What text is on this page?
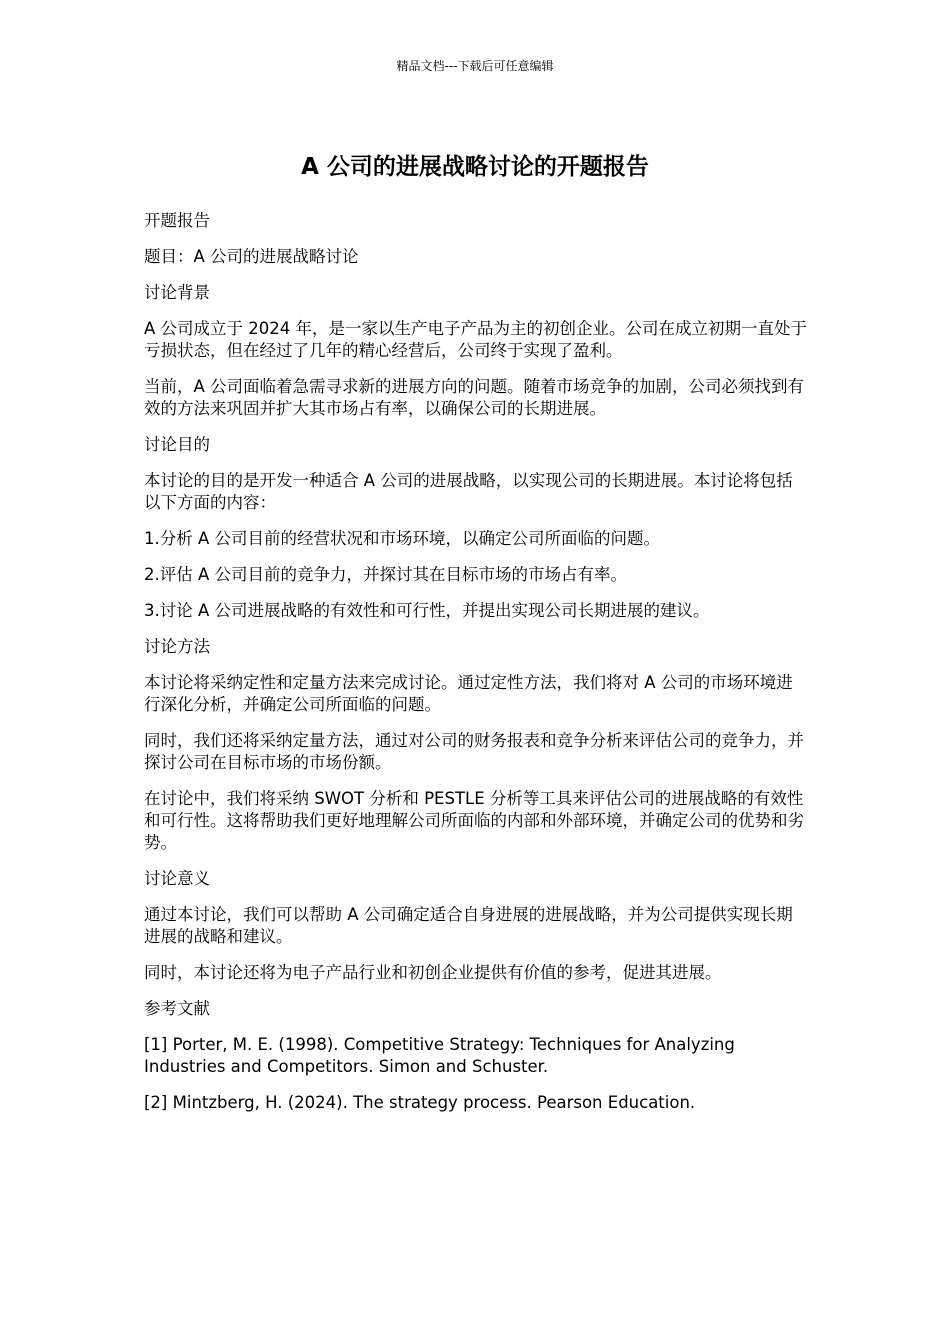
精品文档---下载后可任意编辑
A 公司的进展战略讨论的开题报告

开题报告

题目：A 公司的进展战略讨论

讨论背景

A 公司成立于 2024 年，是一家以生产电子产品为主的初创企业。公司在成立初期一直处于亏损状态，但在经过了几年的精心经营后，公司终于实现了盈利。

当前，A 公司面临着急需寻求新的进展方向的问题。随着市场竞争的加剧，公司必须找到有效的方法来巩固并扩大其市场占有率，以确保公司的长期进展。

讨论目的

本讨论的目的是开发一种适合 A 公司的进展战略，以实现公司的长期进展。本讨论将包括以下方面的内容：

1.分析 A 公司目前的经营状况和市场环境，以确定公司所面临的问题。

2.评估 A 公司目前的竞争力，并探讨其在目标市场的市场占有率。

3.讨论 A 公司进展战略的有效性和可行性，并提出实现公司长期进展的建议。

讨论方法

本讨论将采纳定性和定量方法来完成讨论。通过定性方法，我们将对 A 公司的市场环境进行深化分析，并确定公司所面临的问题。

同时，我们还将采纳定量方法，通过对公司的财务报表和竞争分析来评估公司的竞争力，并探讨公司在目标市场的市场份额。

在讨论中，我们将采纳 SWOT 分析和 PESTLE 分析等工具来评估公司的进展战略的有效性和可行性。这将帮助我们更好地理解公司所面临的内部和外部环境，并确定公司的优势和劣势。

讨论意义

通过本讨论，我们可以帮助 A 公司确定适合自身进展的进展战略，并为公司提供实现长期进展的战略和建议。

同时，本讨论还将为电子产品行业和初创企业提供有价值的参考，促进其进展。

参考文献

[1] Porter, M. E. (1998). Competitive Strategy: Techniques for Analyzing Industries and Competitors. Simon and Schuster.

[2] Mintzberg, H. (2024). The strategy process. Pearson Education.
